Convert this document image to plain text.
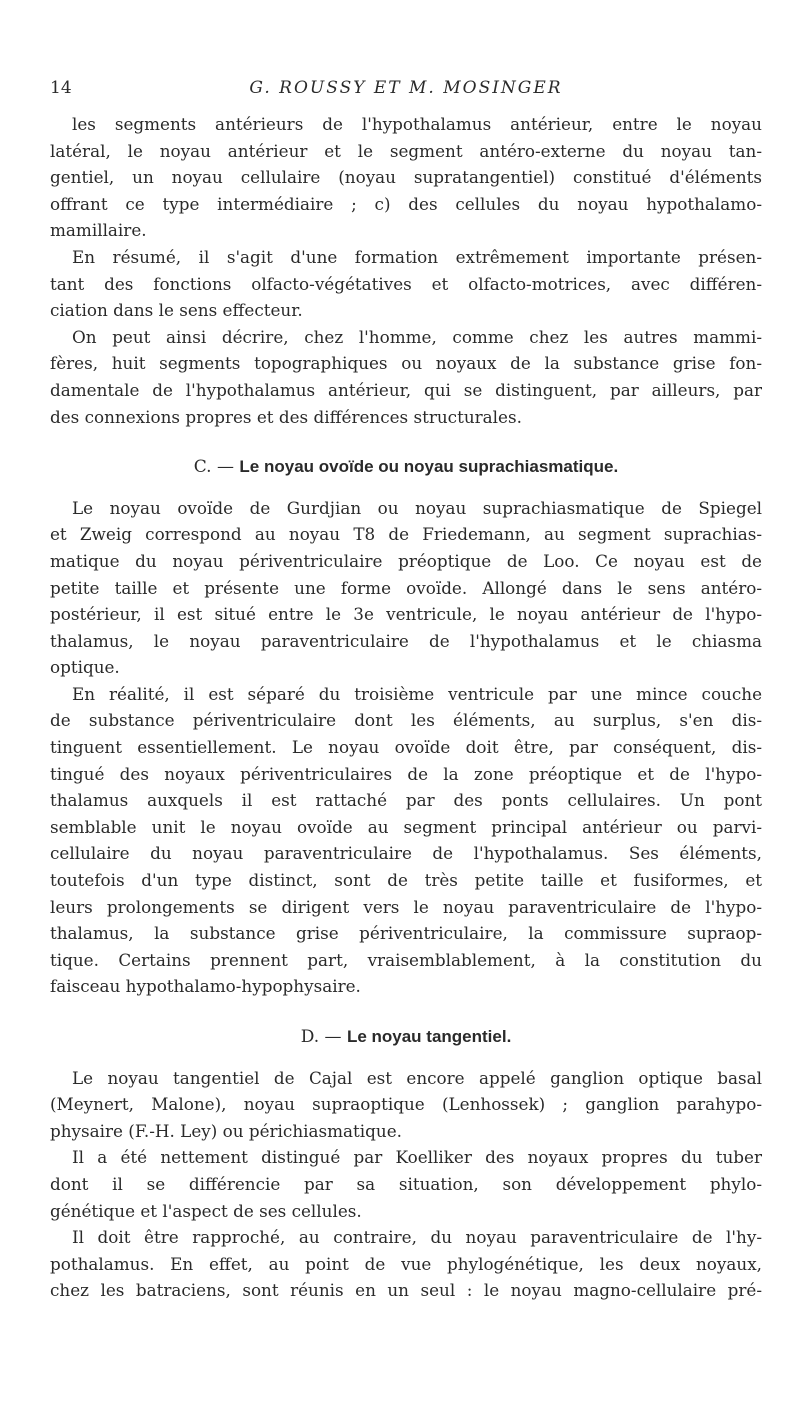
14	G. ROUSSY ET M. MOSINGER
les segments antérieurs de l'hypothalamus antérieur, entre le noyau
latéral, le noyau antérieur et le segment antéro-externe du noyau tan-
gentiel, un noyau cellulaire (noyau supratangentiel) constitué d'éléments
offrant ce type intermédiaire ; c) des cellules du noyau hypothalamo-
mamillaire.
En résumé, il s'agit d'une formation extrêmement importante présen-
tant des fonctions olfacto-végétatives et olfacto-motrices, avec différen-
ciation dans le sens effecteur.
On peut ainsi décrire, chez l'homme, comme chez les autres mammi-
fères, huit segments topographiques ou noyaux de la substance grise fon-
damentale de l'hypothalamus antérieur, qui se distinguent, par ailleurs, par
des connexions propres et des différences structurales.
C. — Le noyau ovoïde ou noyau suprachiasmatique.
Le noyau ovoïde de Gurdjian ou noyau suprachiasmatique de Spiegel
et Zweig correspond au noyau T8 de Friedemann, au segment suprachias-
matique du noyau périventriculaire préoptique de Loo. Ce noyau est de
petite taille et présente une forme ovoïde. Allongé dans le sens antéro-
postérieur, il est situé entre le 3e ventricule, le noyau antérieur de l'hypo-
thalamus, le noyau paraventriculaire de l'hypothalamus et le chiasma
optique.
En réalité, il est séparé du troisième ventricule par une mince couche
de substance périventriculaire dont les éléments, au surplus, s'en dis-
tinguent essentiellement. Le noyau ovoïde doit être, par conséquent, dis-
tingué des noyaux périventriculaires de la zone préoptique et de l'hypo-
thalamus auxquels il est rattaché par des ponts cellulaires. Un pont
semblable unit le noyau ovoïde au segment principal antérieur ou parvi-
cellulaire du noyau paraventriculaire de l'hypothalamus. Ses éléments,
toutefois d'un type distinct, sont de très petite taille et fusiformes, et
leurs prolongements se dirigent vers le noyau paraventriculaire de l'hypo-
thalamus, la substance grise périventriculaire, la commissure supraop-
tique. Certains prennent part, vraisemblablement, à la constitution du
faisceau hypothalamo-hypophysaire.
D. — Le noyau tangentiel.
Le noyau tangentiel de Cajal est encore appelé ganglion optique basal
(Meynert, Malone), noyau supraoptique (Lenhossek) ; ganglion parahypo-
physaire (F.-H. Ley) ou périchiasmatique.
Il a été nettement distingué par Koelliker des noyaux propres du tuber
dont il se différencie par sa situation, son développement phylo-
génétique et l'aspect de ses cellules.
Il doit être rapproché, au contraire, du noyau paraventriculaire de l'hy-
pothalamus. En effet, au point de vue phylogénétique, les deux noyaux,
chez les batraciens, sont réunis en un seul : le noyau magno-cellulaire pré-
